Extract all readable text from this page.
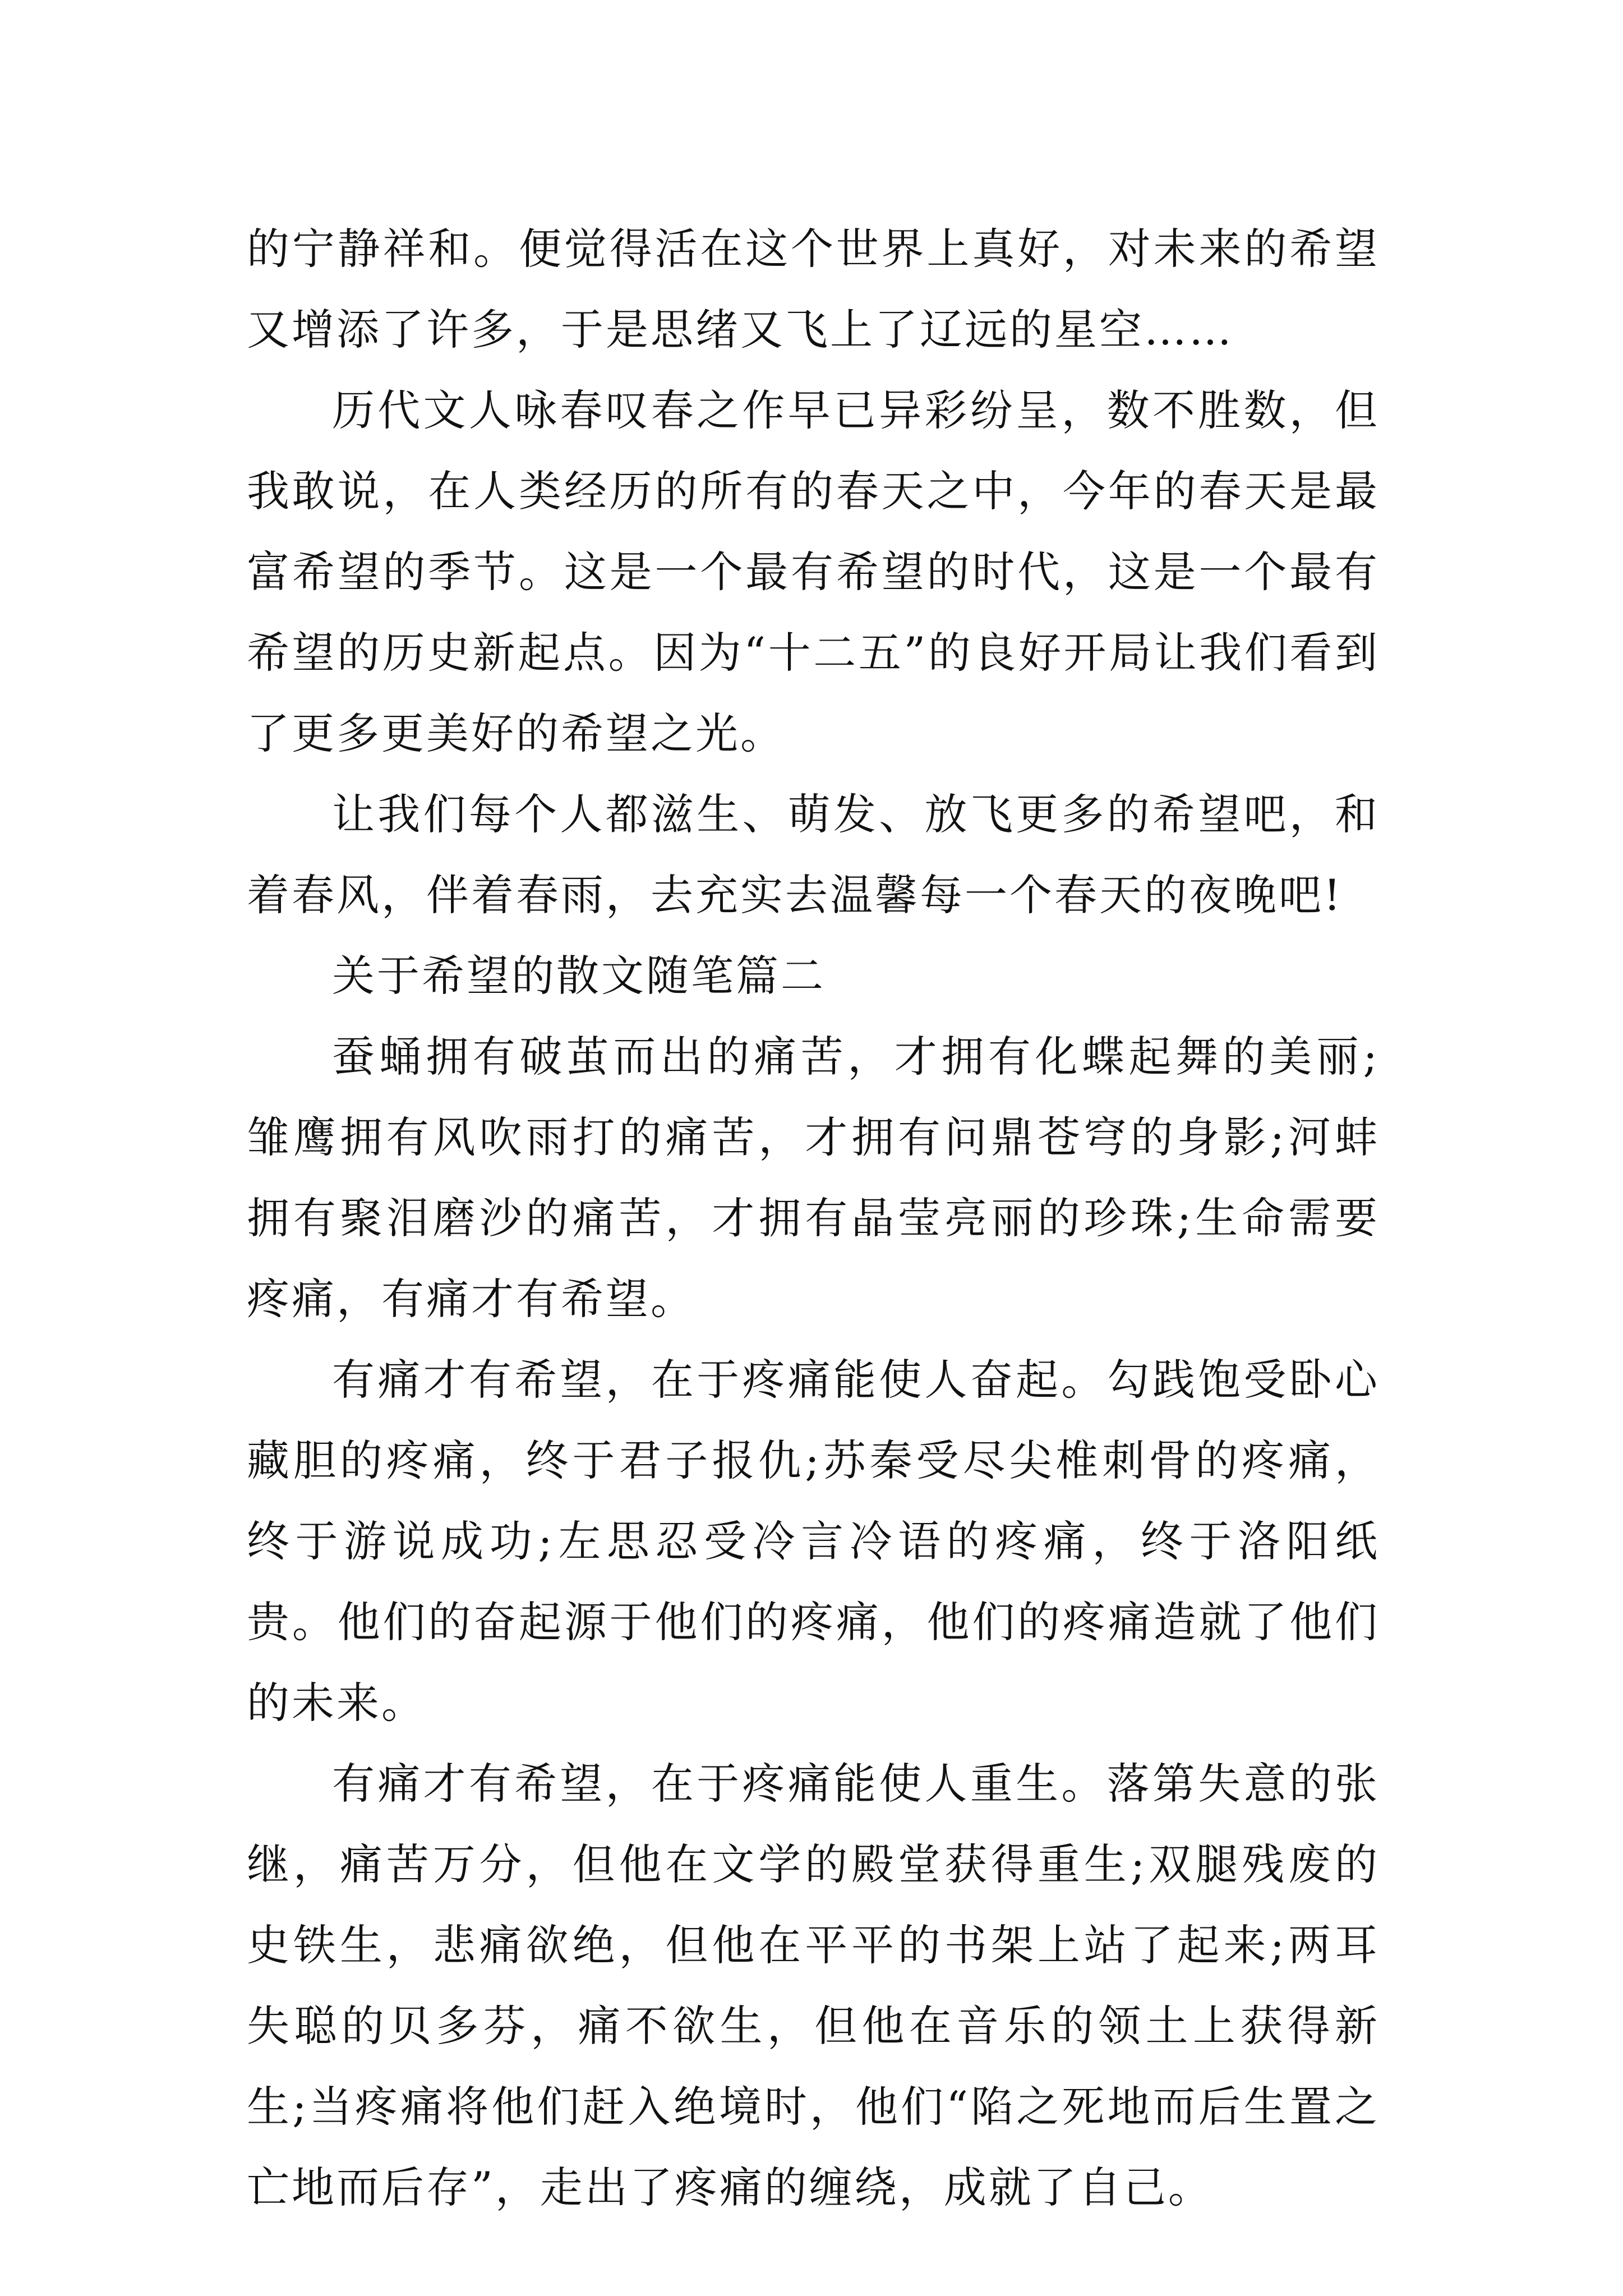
的宁静祥和。便觉得活在这个世界上真好，对未来的希望又增添了许多，于是思绪又飞上了辽远的星空……

历代文人咏春叹春之作早已异彩纷呈，数不胜数，但我敢说，在人类经历的所有的春天之中，今年的春天是最富希望的季节。这是一个最有希望的时代，这是一个最有希望的历史新起点。因为“十二五”的良好开局让我们看到了更多更美好的希望之光。

让我们每个人都滋生、萌发、放飞更多的希望吧，和着春风，伴着春雨，去充实去温馨每一个春天的夜晚吧!

关于希望的散文随笔篇二

蚕蛹拥有破茧而出的痛苦，才拥有化蝶起舞的美丽;雏鹰拥有风吹雨打的痛苦，才拥有问鼎苍穹的身影;河蚌拥有聚泪磨沙的痛苦，才拥有晶莹亮丽的珍珠;生命需要疼痛，有痛才有希望。

有痛才有希望，在于疼痛能使人奋起。勾践饱受卧心藏胆的疼痛，终于君子报仇;苏秦受尽尖椎刺骨的疼痛，终于游说成功;左思忍受冷言冷语的疼痛，终于洛阳纸贵。他们的奋起源于他们的疼痛，他们的疼痛造就了他们的未来。

有痛才有希望，在于疼痛能使人重生。落第失意的张继，痛苦万分，但他在文学的殿堂获得重生;双腿残废的史铁生，悲痛欲绝，但他在平平的书架上站了起来;两耳失聪的贝多芬，痛不欲生，但他在音乐的领土上获得新生;当疼痛将他们赶入绝境时，他们“陷之死地而后生置之亡地而后存”，走出了疼痛的缠绕，成就了自己。
